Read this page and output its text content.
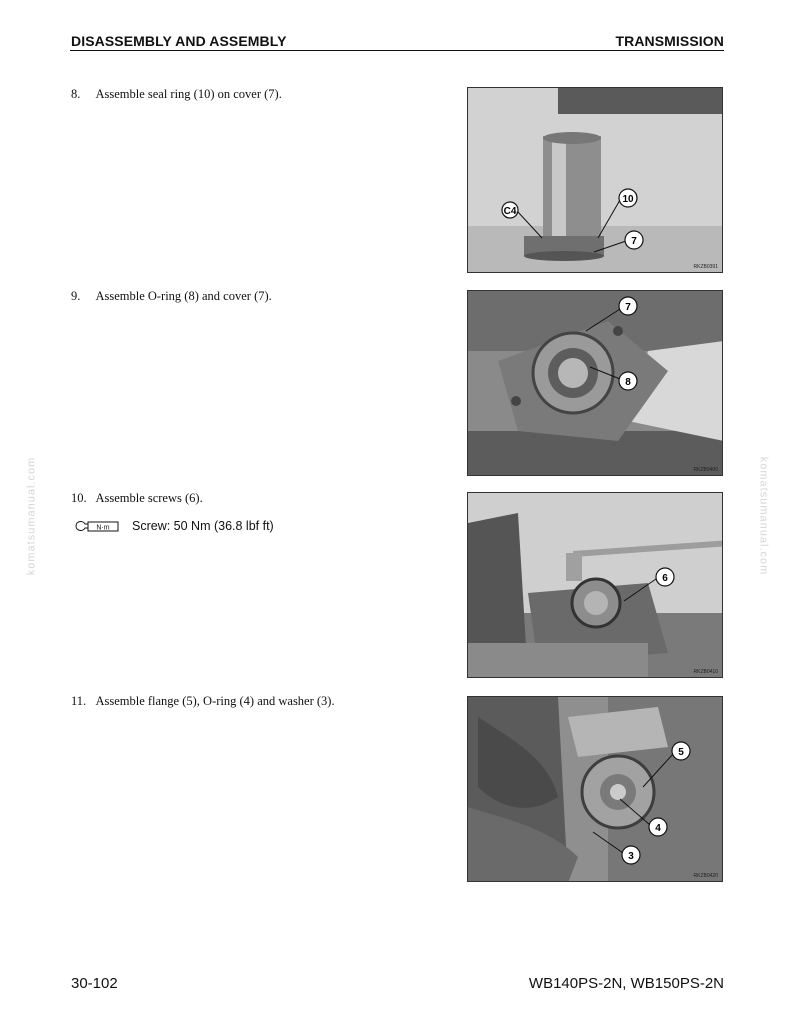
DISASSEMBLY AND ASSEMBLY	TRANSMISSION
8. Assemble seal ring (10) on cover (7).
9. Assemble O-ring (8) and cover (7).
10. Assemble screws (6).
N·m Screw: 50 Nm (36.8 lbf ft)
11. Assemble flange (5), O-ring (4) and washer (3).
C4
10
7
RKZB0391
7
8
RKZB0400
6
RKZB0410
5
4
3
RKZB0420
komatsumanual.com	komatsumanual.com
30-102	WB140PS-2N, WB150PS-2N
